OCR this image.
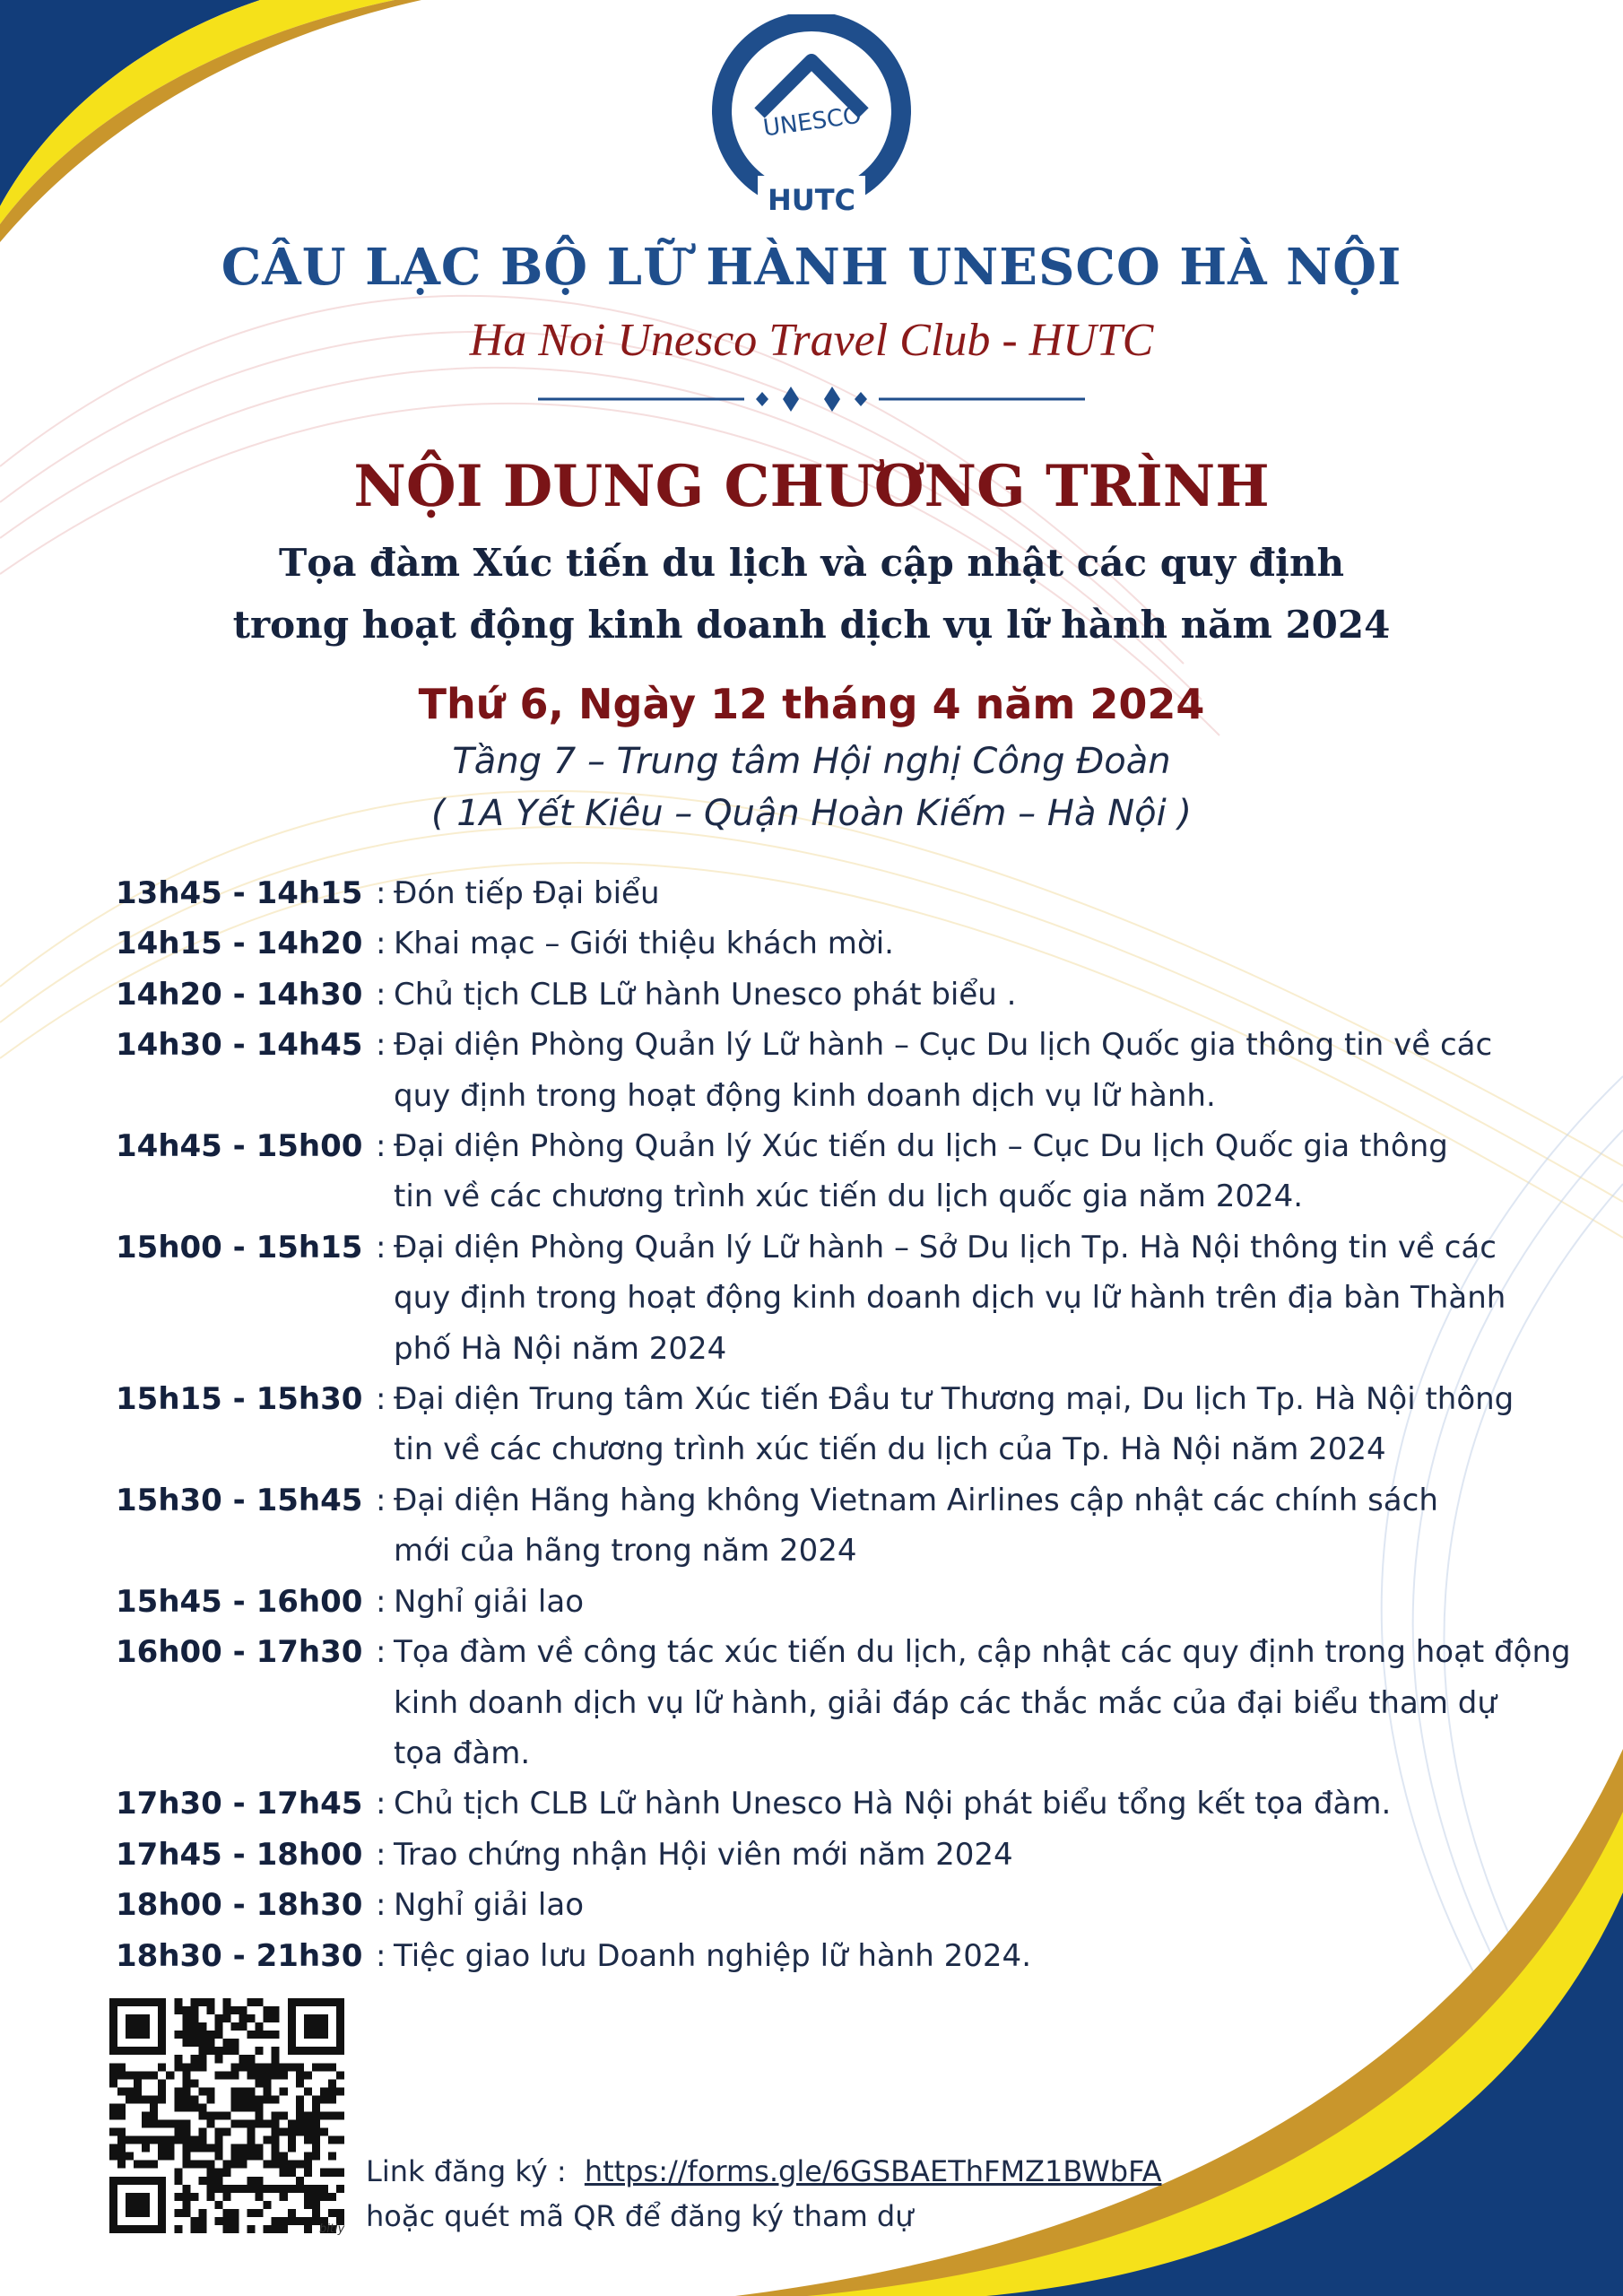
UNESCO
HUTC
CÂU LẠC BỘ LỮ HÀNH UNESCO HÀ NỘI
Ha Noi Unesco Travel Club - HUTC
NỘI DUNG CHƯƠNG TRÌNH
Tọa đàm Xúc tiến du lịch và cập nhật các quy định
trong hoạt động kinh doanh dịch vụ lữ hành năm 2024
Thứ 6, Ngày 12 tháng 4 năm 2024
Tầng 7 – Trung tâm Hội nghị Công Đoàn
( 1A Yết Kiêu – Quận Hoàn Kiếm – Hà Nội )
13h45 - 14h15 : Đón tiếp Đại biểu
14h15 - 14h20 : Khai mạc – Giới thiệu khách mời.
14h20 - 14h30 : Chủ tịch CLB Lữ hành Unesco phát biểu .
14h30 - 14h45 : Đại diện Phòng Quản lý Lữ hành – Cục Du lịch Quốc gia thông tin về các
quy định trong hoạt động kinh doanh dịch vụ lữ hành.
14h45 - 15h00 : Đại diện Phòng Quản lý Xúc tiến du lịch – Cục Du lịch Quốc gia thông
tin về các chương trình xúc tiến du lịch quốc gia năm 2024.
15h00 - 15h15 : Đại diện Phòng Quản lý Lữ hành – Sở Du lịch Tp. Hà Nội thông tin về các
quy định trong hoạt động kinh doanh dịch vụ lữ hành trên địa bàn Thành
phố Hà Nội năm 2024
15h15 - 15h30 : Đại diện Trung tâm Xúc tiến Đầu tư Thương mại, Du lịch Tp. Hà Nội thông
tin về các chương trình xúc tiến du lịch của Tp. Hà Nội năm 2024
15h30 - 15h45 : Đại diện Hãng hàng không Vietnam Airlines cập nhật các chính sách
mới của hãng trong năm 2024
15h45 - 16h00 : Nghỉ giải lao
16h00 - 17h30 : Tọa đàm về công tác xúc tiến du lịch, cập nhật các quy định trong hoạt động
kinh doanh dịch vụ lữ hành, giải đáp các thắc mắc của đại biểu tham dự
tọa đàm.
17h30 - 17h45 : Chủ tịch CLB Lữ hành Unesco Hà Nội phát biểu tổng kết tọa đàm.
17h45 - 18h00 : Trao chứng nhận Hội viên mới năm 2024
18h00 - 18h30 : Nghỉ giải lao
18h30 - 21h30 : Tiệc giao lưu Doanh nghiệp lữ hành 2024.
bitly
Link đăng ký : https://forms.gle/6GSBAEThFMZ1BWbFA
hoặc quét mã QR để đăng ký tham dự
